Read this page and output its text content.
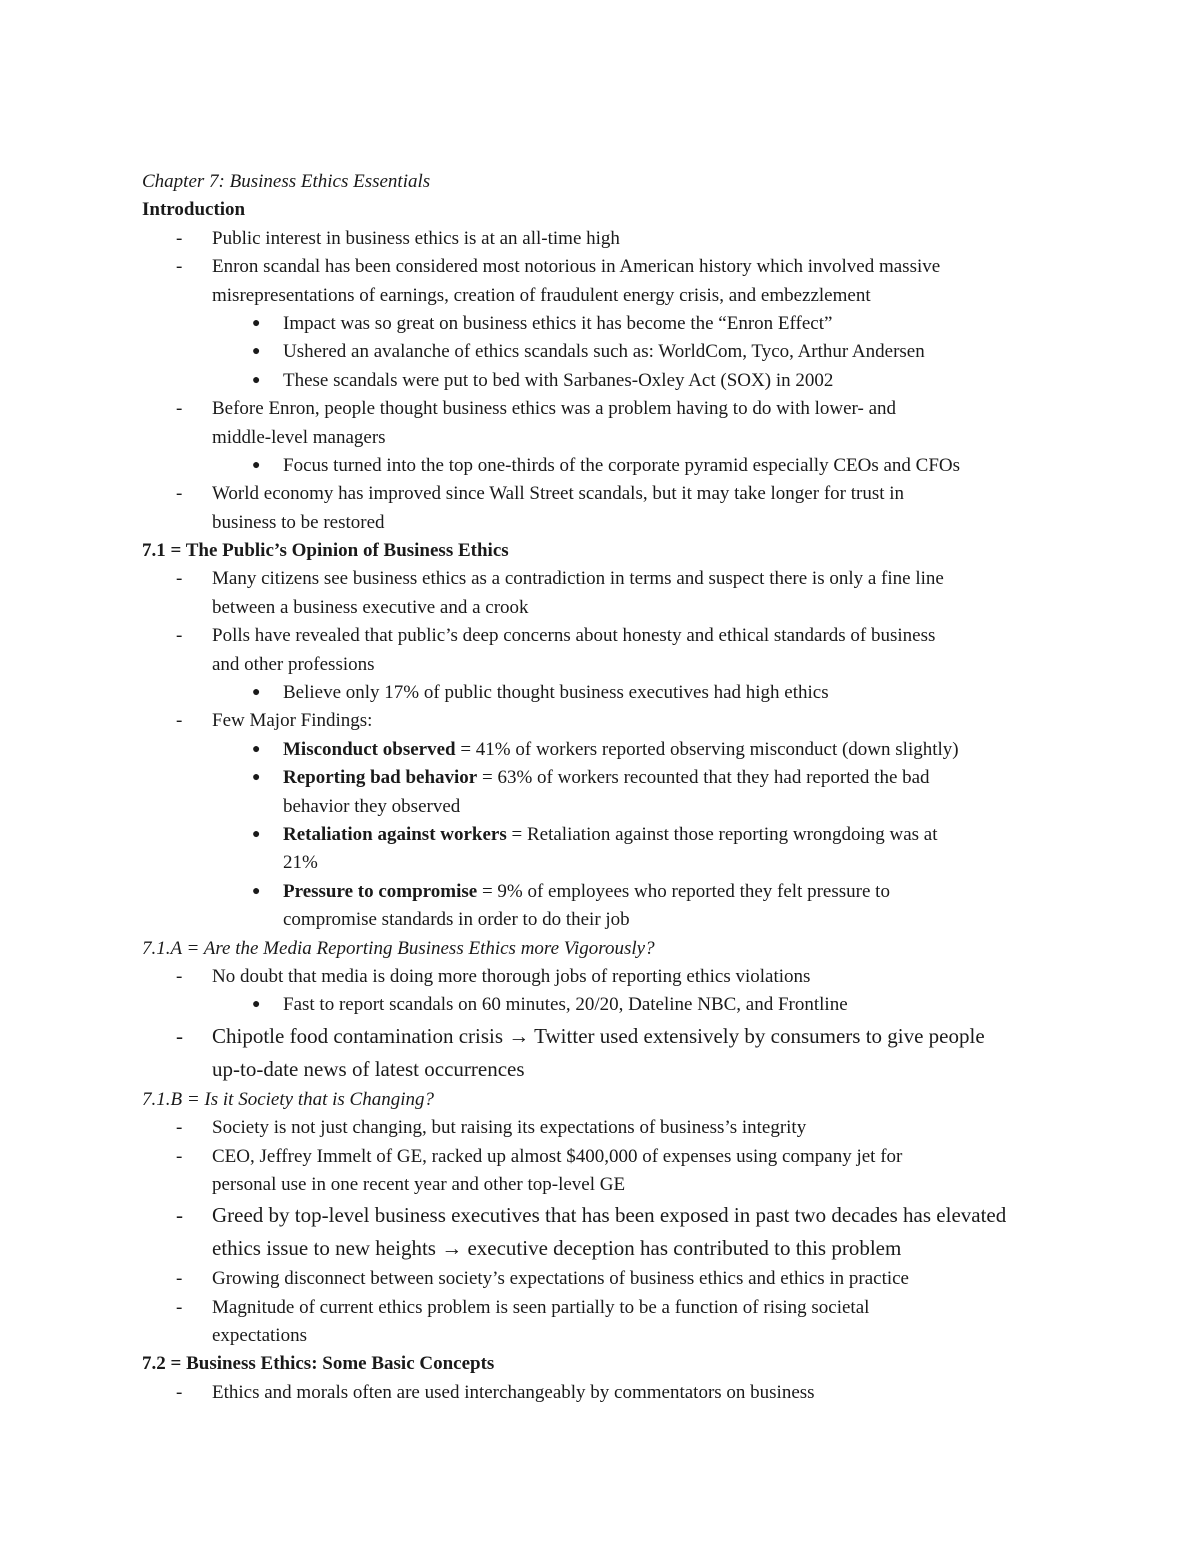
Chapter 7: Business Ethics Essentials
Introduction
- Public interest in business ethics is at an all-time high
- Enron scandal has been considered most notorious in American history which involved massive
misrepresentations of earnings, creation of fraudulent energy crisis, and embezzlement
● Impact was so great on business ethics it has become the “Enron Effect”
● Ushered an avalanche of ethics scandals such as: WorldCom, Tyco, Arthur Andersen
● These scandals were put to bed with Sarbanes-Oxley Act (SOX) in 2002
- Before Enron, people thought business ethics was a problem having to do with lower- and
middle-level managers
● Focus turned into the top one-thirds of the corporate pyramid especially CEOs and CFOs
- World economy has improved since Wall Street scandals, but it may take longer for trust in
business to be restored
7.1 = The Public’s Opinion of Business Ethics
- Many citizens see business ethics as a contradiction in terms and suspect there is only a fine line
between a business executive and a crook
- Polls have revealed that public’s deep concerns about honesty and ethical standards of business
and other professions
● Believe only 17% of public thought business executives had high ethics
- Few Major Findings:
● Misconduct observed = 41% of workers reported observing misconduct (down slightly)
● Reporting bad behavior = 63% of workers recounted that they had reported the bad
behavior they observed
● Retaliation against workers = Retaliation against those reporting wrongdoing was at
21%
● Pressure to compromise = 9% of employees who reported they felt pressure to
compromise standards in order to do their job
7.1.A = Are the Media Reporting Business Ethics more Vigorously?
- No doubt that media is doing more thorough jobs of reporting ethics violations
● Fast to report scandals on 60 minutes, 20/20, Dateline NBC, and Frontline
- Chipotle food contamination crisis → Twitter used extensively by consumers to give people
up-to-date news of latest occurrences
7.1.B = Is it Society that is Changing?
- Society is not just changing, but raising its expectations of business’s integrity
- CEO, Jeffrey Immelt of GE, racked up almost $400,000 of expenses using company jet for
personal use in one recent year and other top-level GE
- Greed by top-level business executives that has been exposed in past two decades has elevated
ethics issue to new heights → executive deception has contributed to this problem
- Growing disconnect between society’s expectations of business ethics and ethics in practice
- Magnitude of current ethics problem is seen partially to be a function of rising societal
expectations
7.2 = Business Ethics: Some Basic Concepts
- Ethics and morals often are used interchangeably by commentators on business
